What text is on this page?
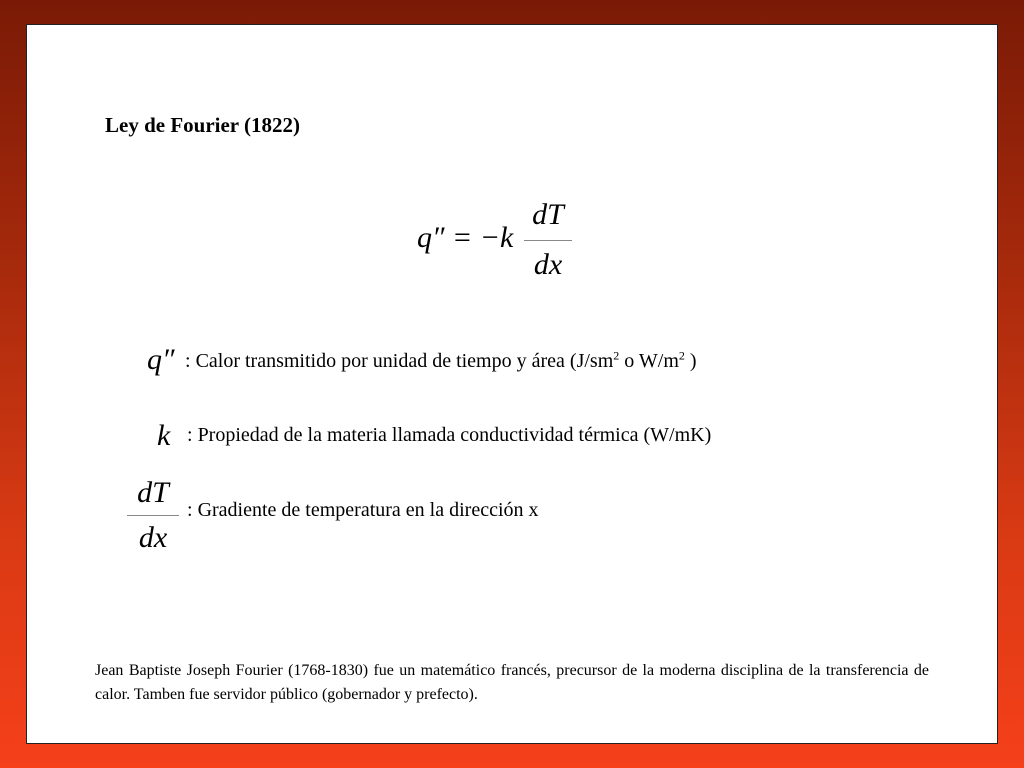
Ley de Fourier (1822)
q″ = −k
dT
dx
q″ : Calor transmitido por unidad de tiempo y área ($J/sm^2$ o $W/m^2$ )
k : Propiedad de la materia llamada conductividad térmica (W/mK)
dT
dx
: Gradiente de temperatura en la dirección x
Jean Baptiste Joseph Fourier (1768-1830) fue un matemático francés, precursor de la moderna disciplina de la transferencia de calor. Tamben fue servidor público (gobernador y prefecto).
